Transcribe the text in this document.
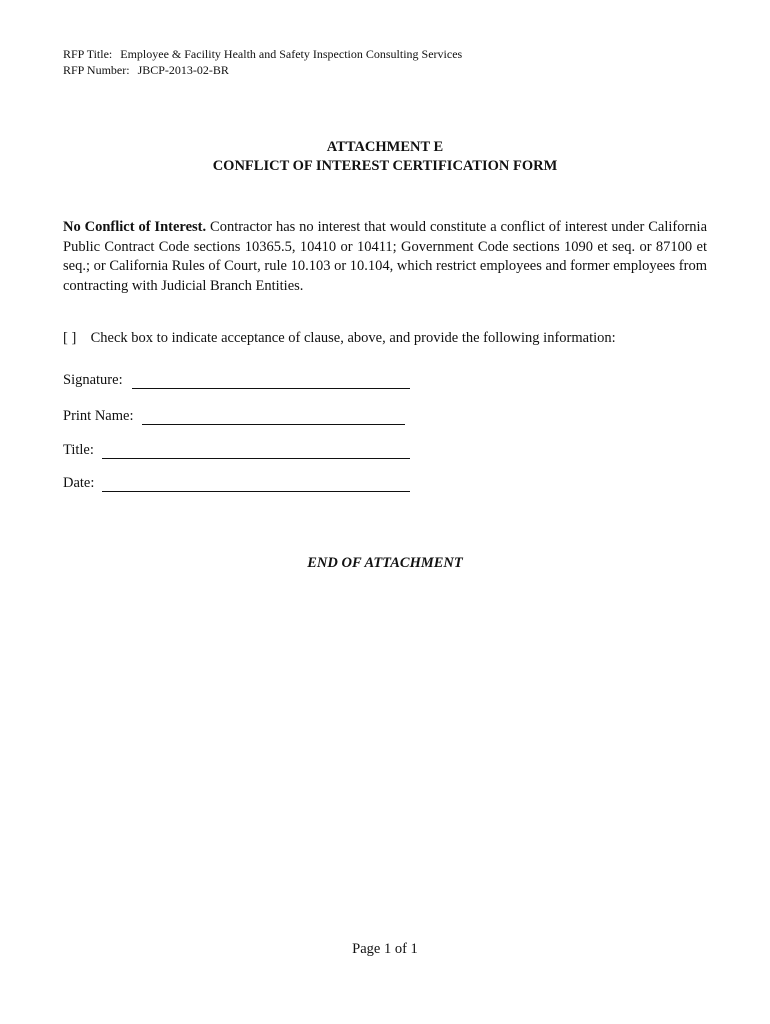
RFP Title: Employee & Facility Health and Safety Inspection Consulting Services
RFP Number: JBCP-2013-02-BR
ATTACHMENT E
CONFLICT OF INTEREST CERTIFICATION FORM
No Conflict of Interest. Contractor has no interest that would constitute a conflict of interest under California Public Contract Code sections 10365.5, 10410 or 10411; Government Code sections 1090 et seq. or 87100 et seq.; or California Rules of Court, rule 10.103 or 10.104, which restrict employees and former employees from contracting with Judicial Branch Entities.
[ ] Check box to indicate acceptance of clause, above, and provide the following information:
Signature:
Print Name:
Title:
Date:
END OF ATTACHMENT
Page 1 of 1
